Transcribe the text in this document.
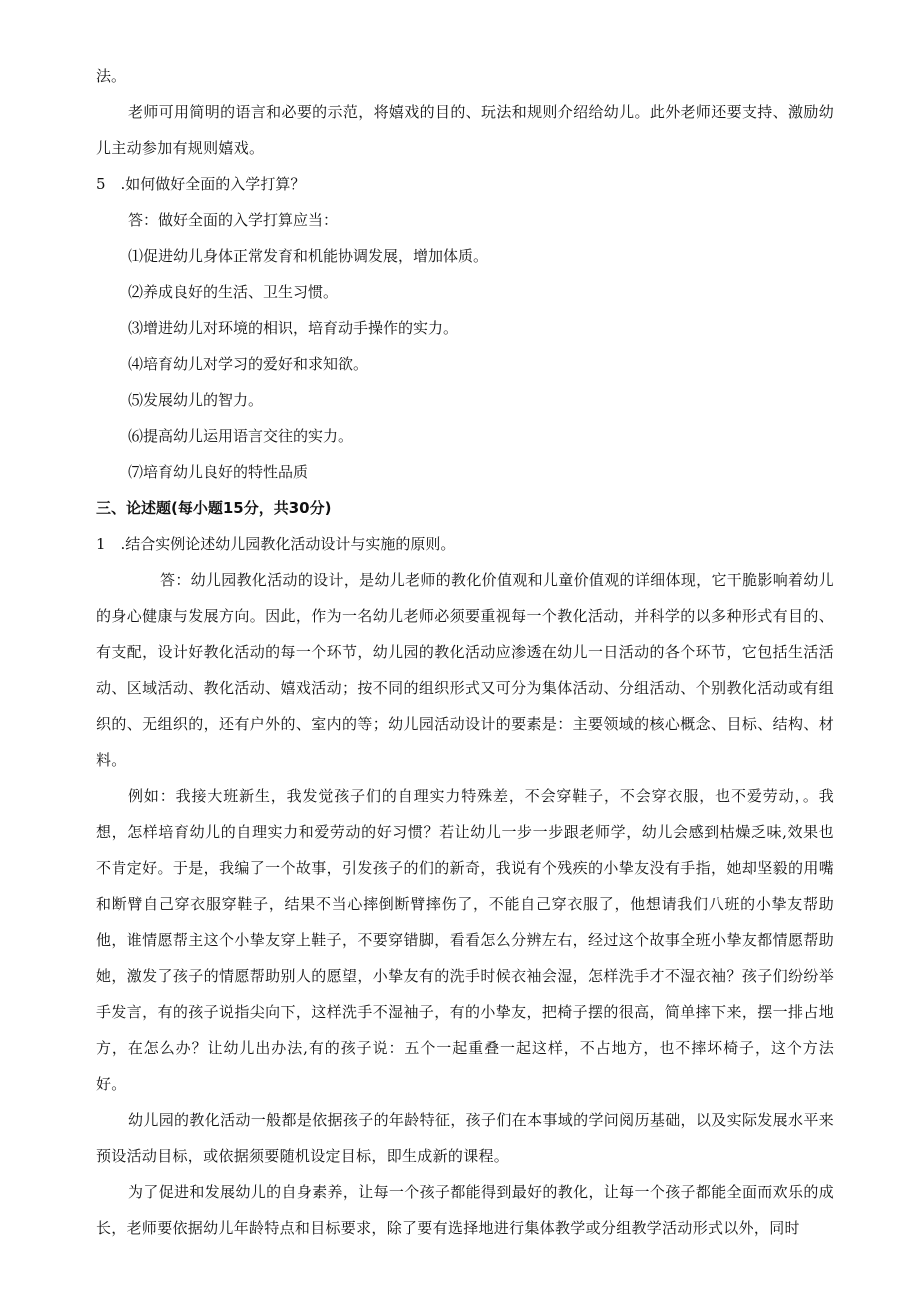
法。

老师可用简明的语言和必要的示范，将嬉戏的目的、玩法和规则介绍给幼儿。此外老师还要支持、激励幼儿主动参加有规则嬉戏。

5　.如何做好全面的入学打算？

答：做好全面的入学打算应当：

⑴促进幼儿身体正常发育和机能协调发展，增加体质。

⑵养成良好的生活、卫生习惯。

⑶增进幼儿对环境的相识，培育动手操作的实力。

⑷培育幼儿对学习的爱好和求知欲。

⑸发展幼儿的智力。

⑹提高幼儿运用语言交往的实力。

⑺培育幼儿良好的特性品质

三、论述题(每小题15分，共30分)

1　.结合实例论述幼儿园教化活动设计与实施的原则。

答：幼儿园教化活动的设计，是幼儿老师的教化价值观和儿童价值观的详细体现，它干脆影响着幼儿的身心健康与发展方向。因此，作为一名幼儿老师必须要重视每一个教化活动，并科学的以多种形式有目的、有支配，设计好教化活动的每一个环节，幼儿园的教化活动应渗透在幼儿一日活动的各个环节，它包括生活活动、区域活动、教化活动、嬉戏活动；按不同的组织形式又可分为集体活动、分组活动、个别教化活动或有组织的、无组织的，还有户外的、室内的等；幼儿园活动设计的要素是：主要领域的核心概念、目标、结构、材料。

例如：我接大班新生，我发觉孩子们的自理实力特殊差，不会穿鞋子，不会穿衣服，也不爱劳动，。我想，怎样培育幼儿的自理实力和爱劳动的好习惯？若让幼儿一步一步跟老师学，幼儿会感到枯燥乏味,效果也不肯定好。于是，我编了一个故事，引发孩子的们的新奇，我说有个残疾的小挚友没有手指，她却坚毅的用嘴和断臂自己穿衣服穿鞋子，结果不当心摔倒断臂摔伤了，不能自己穿衣服了，他想请我们八班的小挚友帮助他，谁情愿帮主这个小挚友穿上鞋子，不要穿错脚，看看怎么分辨左右，经过这个故事全班小挚友都情愿帮助她，激发了孩子的情愿帮助别人的愿望，小挚友有的洗手时候衣袖会湿，怎样洗手才不湿衣袖？孩子们纷纷举手发言，有的孩子说指尖向下，这样洗手不湿袖子，有的小挚友，把椅子摆的很高，简单摔下来，摆一排占地方，在怎么办？让幼儿出办法,有的孩子说：五个一起重叠一起这样，不占地方，也不摔坏椅子，这个方法好。

幼儿园的教化活动一般都是依据孩子的年龄特征，孩子们在本事域的学问阅历基础，以及实际发展水平来预设活动目标，或依据须要随机设定目标，即生成新的课程。

为了促进和发展幼儿的自身素养，让每一个孩子都能得到最好的教化，让每一个孩子都能全面而欢乐的成长，老师要依据幼儿年龄特点和目标要求，除了要有选择地进行集体教学或分组教学活动形式以外，同时
